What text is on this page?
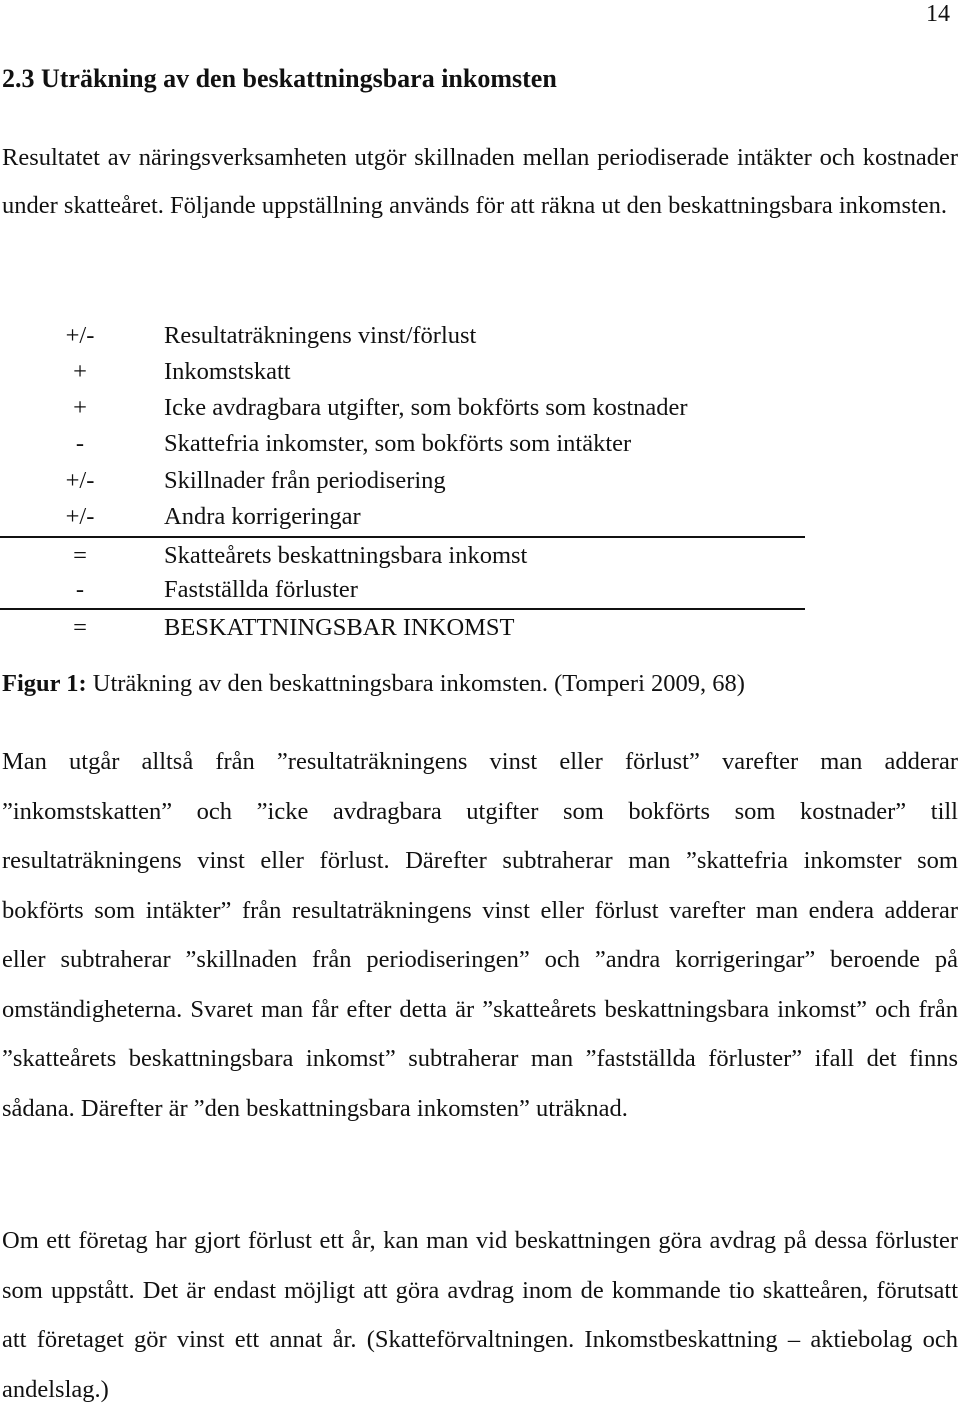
14
2.3 Uträkning av den beskattningsbara inkomsten

Resultatet av näringsverksamheten utgör skillnaden mellan periodiserade intäkter och kostnader under skatteåret. Följande uppställning används för att räkna ut den beskattningsbara inkomsten.

+/-	Resultaträkningens vinst/förlust
+	Inkomstskatt
+	Icke avdragbara utgifter, som bokförts som kostnader
-	Skattefria inkomster, som bokförts som intäkter
+/-	Skillnader från periodisering
+/-	Andra korrigeringar
=	Skatteårets beskattningsbara inkomst
-	Fastställda förluster
=	BESKATTNINGSBAR INKOMST

Figur 1: Uträkning av den beskattningsbara inkomsten. (Tomperi 2009, 68)

Man utgår alltså från ”resultaträkningens vinst eller förlust” varefter man adderar ”inkomstskatten” och ”icke avdragbara utgifter som bokförts som kostnader” till resultaträkningens vinst eller förlust. Därefter subtraherar man ”skattefria inkomster som bokförts som intäkter” från resultaträkningens vinst eller förlust varefter man endera adderar eller subtraherar ”skillnaden från periodiseringen” och ”andra korrigeringar” beroende på omständigheterna. Svaret man får efter detta är ”skatteårets beskattningsbara inkomst” och från ”skatteårets beskattningsbara inkomst” subtraherar man ”fastställda förluster” ifall det finns sådana. Därefter är ”den beskattningsbara inkomsten” uträknad.

Om ett företag har gjort förlust ett år, kan man vid beskattningen göra avdrag på dessa förluster som uppstått. Det är endast möjligt att göra avdrag inom de kommande tio skatteåren, förutsatt att företaget gör vinst ett annat år. (Skatteförvaltningen. Inkomstbeskattning – aktiebolag och andelslag.)
